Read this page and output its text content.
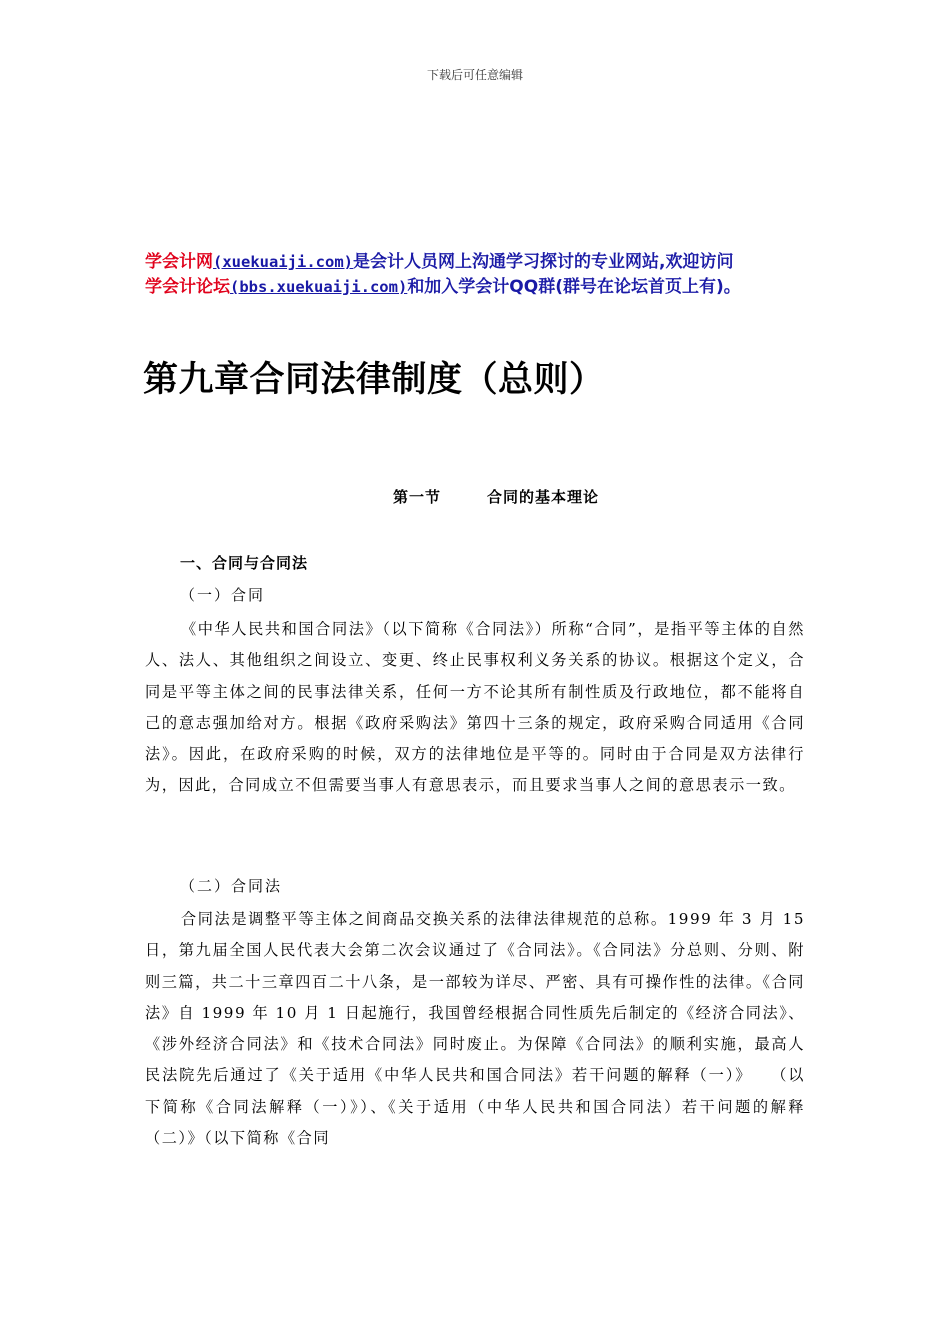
下载后可任意编辑
学会计网(xuekuaiji.com)是会计人员网上沟通学习探讨的专业网站,欢迎访问
学会计论坛(bbs.xuekuaiji.com)和加入学会计QQ群(群号在论坛首页上有)。
第九章合同法律制度（总则）
第一节	合同的基本理论
一、合同与合同法
（一）合同
《中华人民共和国合同法》（以下简称《合同法》）所称“合同”，是指平等主体的自然人、法人、其他组织之间设立、变更、终止民事权利义务关系的协议。根据这个定义，合同是平等主体之间的民事法律关系，任何一方不论其所有制性质及行政地位，都不能将自己的意志强加给对方。根据《政府采购法》第四十三条的规定，政府采购合同适用《合同法》。因此，在政府采购的时候，双方的法律地位是平等的。同时由于合同是双方法律行为，因此，合同成立不但需要当事人有意思表示，而且要求当事人之间的意思表示一致。
（二）合同法
合同法是调整平等主体之间商品交换关系的法律法律规范的总称。1999 年 3 月 15 日，第九届全国人民代表大会第二次会议通过了《合同法》。《合同法》分总则、分则、附则三篇，共二十三章四百二十八条，是一部较为详尽、严密、具有可操作性的法律。《合同法》自 1999 年 10 月 1 日起施行，我国曾经根据合同性质先后制定的《经济合同法》、《涉外经济合同法》和《技术合同法》同时废止。为保障《合同法》的顺利实施，最高人民法院先后通过了《关于适用《中华人民共和国合同法》若干问题的解释（一）》　　（以下简称《合同法解释（一）》）、《关于适用（中华人民共和国合同法）若干问题的解释（二）》（以下简称《合同
